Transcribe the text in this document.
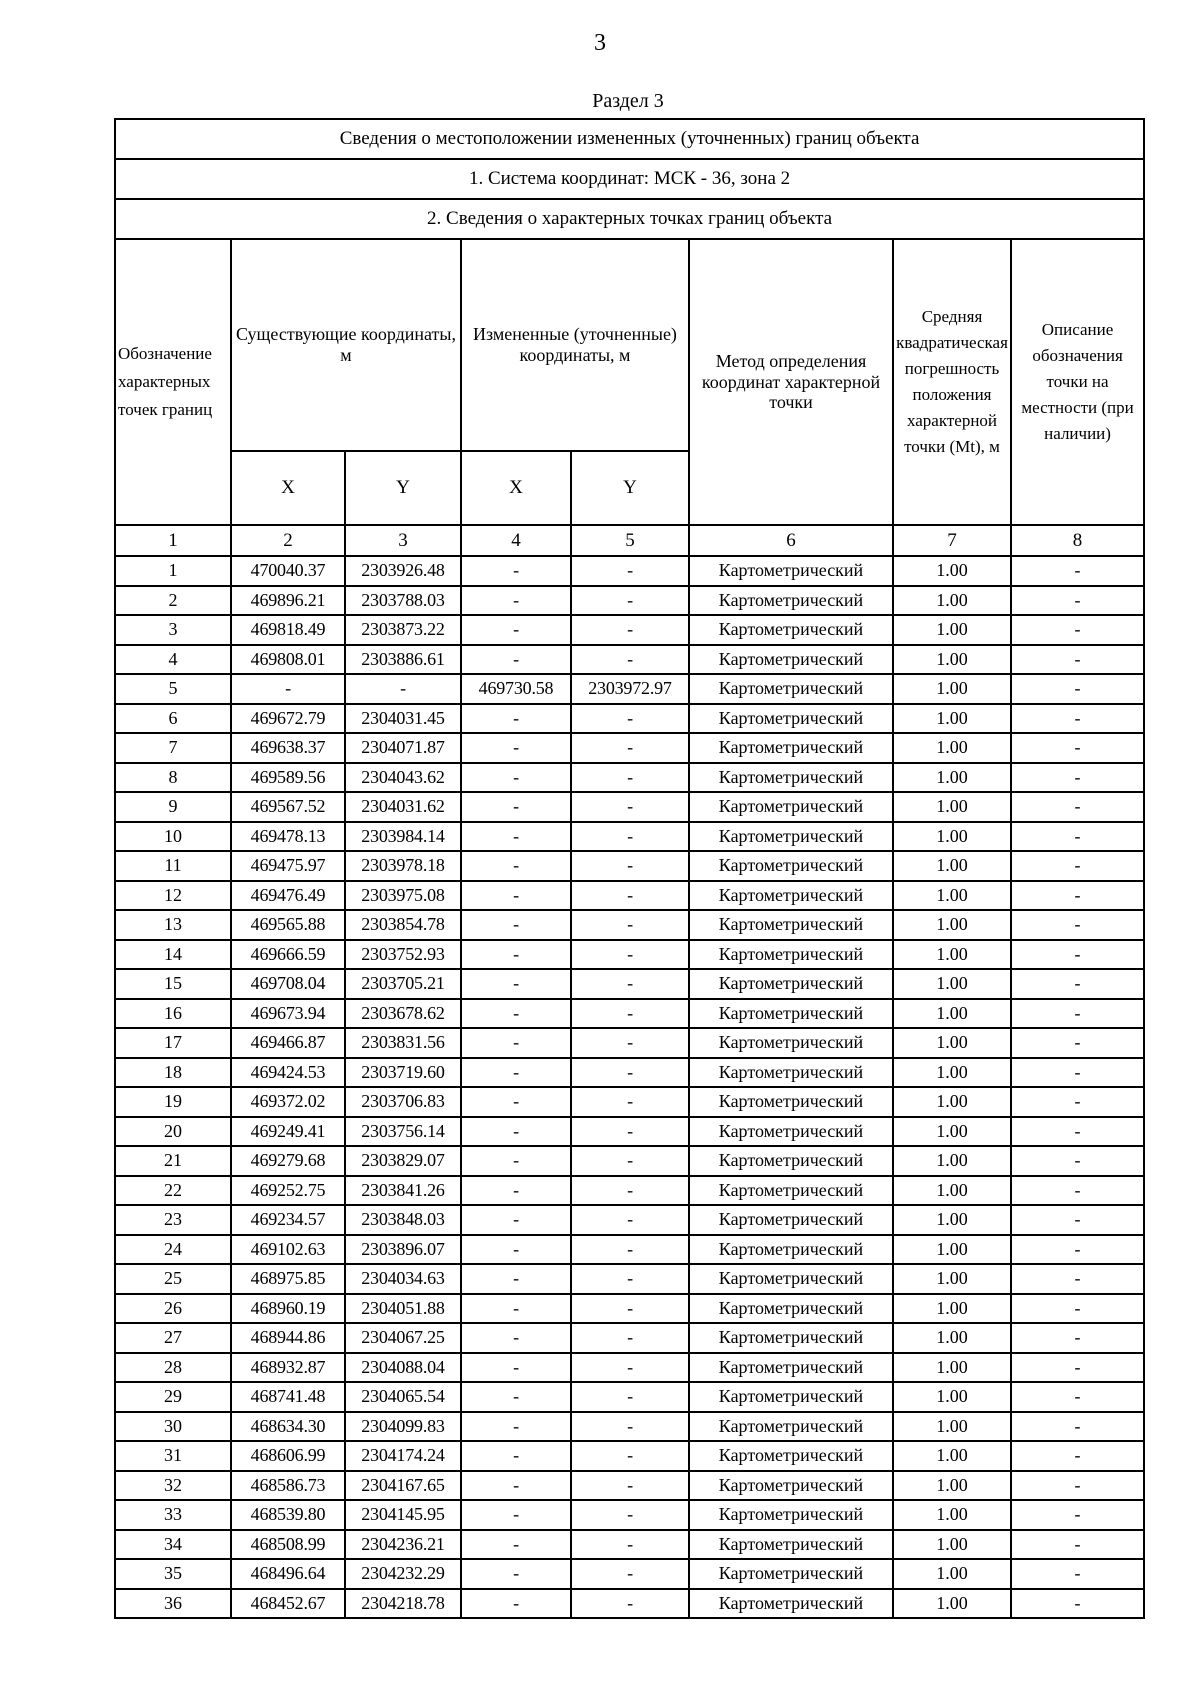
3
Раздел 3
Сведения о местоположении измененных (уточненных) границ объекта							
1. Система координат: МСК - 36, зона 2							
2. Сведения о характерных точках границ объекта							
Обозначение характерных точек границ	Существующие координаты, м		Измененные (уточненные) координаты, м		Метод определения координат характерной точки	Средняя квадратическая погрешность положения характерной точки (Mt), м	Описание обозначения точки на местности (при наличии)
	X	Y	X	Y			
1	2	3	4	5	6	7	8
1	470040.37	2303926.48	-	-	Картометрический	1.00	-
2	469896.21	2303788.03	-	-	Картометрический	1.00	-
3	469818.49	2303873.22	-	-	Картометрический	1.00	-
4	469808.01	2303886.61	-	-	Картометрический	1.00	-
5	-	-	469730.58	2303972.97	Картометрический	1.00	-
6	469672.79	2304031.45	-	-	Картометрический	1.00	-
7	469638.37	2304071.87	-	-	Картометрический	1.00	-
8	469589.56	2304043.62	-	-	Картометрический	1.00	-
9	469567.52	2304031.62	-	-	Картометрический	1.00	-
10	469478.13	2303984.14	-	-	Картометрический	1.00	-
11	469475.97	2303978.18	-	-	Картометрический	1.00	-
12	469476.49	2303975.08	-	-	Картометрический	1.00	-
13	469565.88	2303854.78	-	-	Картометрический	1.00	-
14	469666.59	2303752.93	-	-	Картометрический	1.00	-
15	469708.04	2303705.21	-	-	Картометрический	1.00	-
16	469673.94	2303678.62	-	-	Картометрический	1.00	-
17	469466.87	2303831.56	-	-	Картометрический	1.00	-
18	469424.53	2303719.60	-	-	Картометрический	1.00	-
19	469372.02	2303706.83	-	-	Картометрический	1.00	-
20	469249.41	2303756.14	-	-	Картометрический	1.00	-
21	469279.68	2303829.07	-	-	Картометрический	1.00	-
22	469252.75	2303841.26	-	-	Картометрический	1.00	-
23	469234.57	2303848.03	-	-	Картометрический	1.00	-
24	469102.63	2303896.07	-	-	Картометрический	1.00	-
25	468975.85	2304034.63	-	-	Картометрический	1.00	-
26	468960.19	2304051.88	-	-	Картометрический	1.00	-
27	468944.86	2304067.25	-	-	Картометрический	1.00	-
28	468932.87	2304088.04	-	-	Картометрический	1.00	-
29	468741.48	2304065.54	-	-	Картометрический	1.00	-
30	468634.30	2304099.83	-	-	Картометрический	1.00	-
31	468606.99	2304174.24	-	-	Картометрический	1.00	-
32	468586.73	2304167.65	-	-	Картометрический	1.00	-
33	468539.80	2304145.95	-	-	Картометрический	1.00	-
34	468508.99	2304236.21	-	-	Картометрический	1.00	-
35	468496.64	2304232.29	-	-	Картометрический	1.00	-
36	468452.67	2304218.78	-	-	Картометрический	1.00	-
